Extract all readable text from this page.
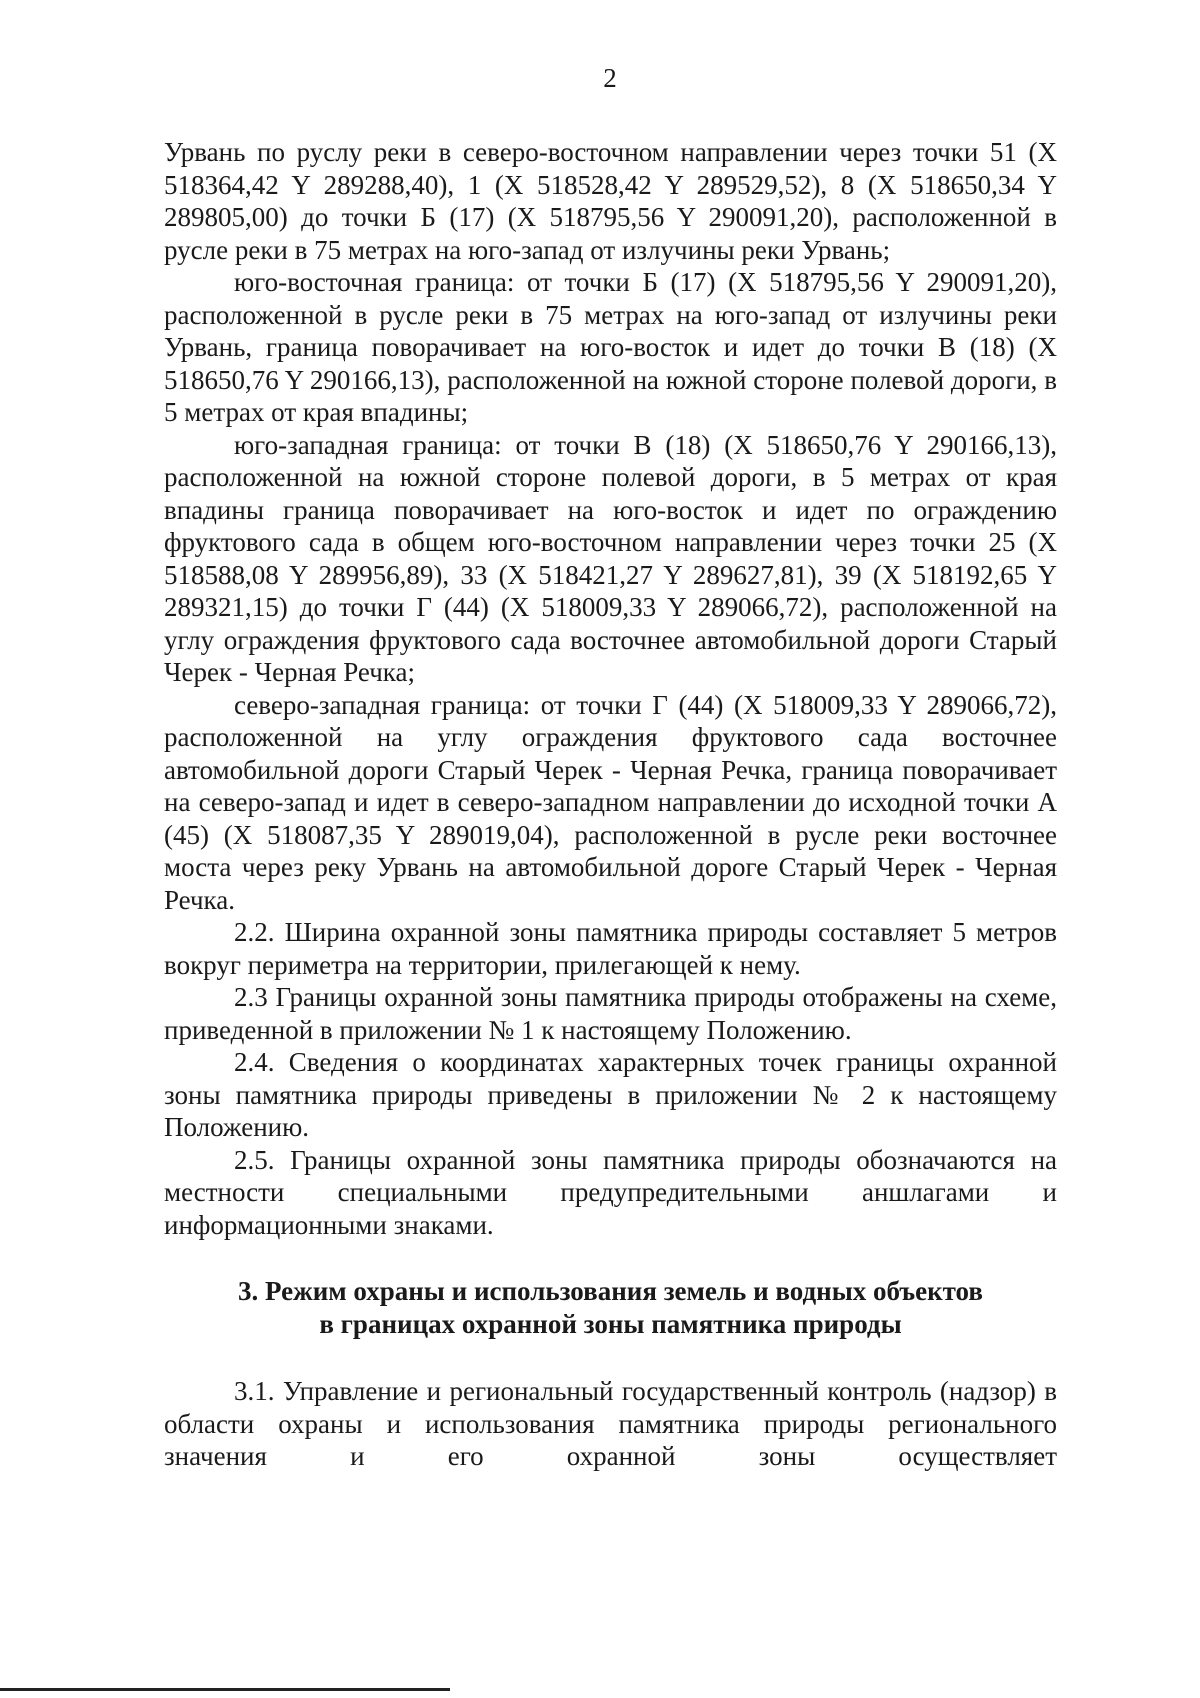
2

Урвань по руслу реки в северо-восточном направлении через точки 51 (X 518364,42 Y 289288,40), 1 (X 518528,42 Y 289529,52), 8 (X 518650,34 Y 289805,00) до точки Б (17) (X 518795,56 Y 290091,20), расположенной в русле реки в 75 метрах на юго-запад от излучины реки Урвань;

юго-восточная граница: от точки Б (17) (X 518795,56 Y 290091,20), расположенной в русле реки в 75 метрах на юго-запад от излучины реки Урвань, граница поворачивает на юго-восток и идет до точки В (18) (X 518650,76 Y 290166,13), расположенной на южной стороне полевой дороги, в 5 метрах от края впадины;

юго-западная граница: от точки В (18) (X 518650,76 Y 290166,13), расположенной на южной стороне полевой дороги, в 5 метрах от края впадины граница поворачивает на юго-восток и идет по ограждению фруктового сада в общем юго-восточном направлении через точки 25 (X 518588,08 Y 289956,89), 33 (X 518421,27 Y 289627,81), 39 (X 518192,65 Y 289321,15) до точки Г (44) (X 518009,33 Y 289066,72), расположенной на углу ограждения фруктового сада восточнее автомобильной дороги Старый Черек - Черная Речка;

северо-западная граница: от точки Г (44) (X 518009,33 Y 289066,72), расположенной на углу ограждения фруктового сада восточнее автомобильной дороги Старый Черек - Черная Речка, граница поворачивает на северо-запад и идет в северо-западном направлении до исходной точки А (45) (X 518087,35 Y 289019,04), расположенной в русле реки восточнее моста через реку Урвань на автомобильной дороге Старый Черек - Черная Речка.

2.2. Ширина охранной зоны памятника природы составляет 5 метров вокруг периметра на территории, прилегающей к нему.

2.3 Границы охранной зоны памятника природы отображены на схеме, приведенной в приложении № 1 к настоящему Положению.

2.4. Сведения о координатах характерных точек границы охранной зоны памятника природы приведены в приложении № 2 к настоящему Положению.

2.5. Границы охранной зоны памятника природы обозначаются на местности специальными предупредительными аншлагами и информационными знаками.

3. Режим охраны и использования земель и водных объектов
в границах охранной зоны памятника природы

3.1. Управление и региональный государственный контроль (надзор) в области охраны и использования памятника природы регионального значения и его охранной зоны осуществляет
